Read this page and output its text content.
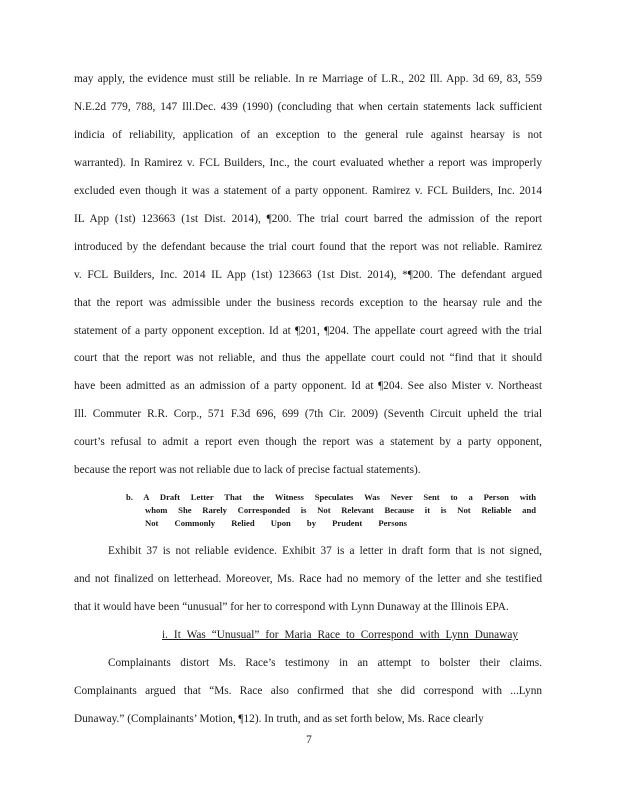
may apply, the evidence must still be reliable. In re Marriage of L.R., 202 Ill. App. 3d 69, 83, 559
N.E.2d 779, 788, 147 Ill.Dec. 439 (1990) (concluding that when certain statements lack sufficient
indicia of reliability, application of an exception to the general rule against hearsay is not
warranted). In Ramirez v. FCL Builders, Inc., the court evaluated whether a report was improperly
excluded even though it was a statement of a party opponent. Ramirez v. FCL Builders, Inc. 2014
IL App (1st) 123663 (1st Dist. 2014), ¶200. The trial court barred the admission of the report
introduced by the defendant because the trial court found that the report was not reliable. Ramirez
v. FCL Builders, Inc. 2014 IL App (1st) 123663 (1st Dist. 2014), *¶200. The defendant argued
that the report was admissible under the business records exception to the hearsay rule and the
statement of a party opponent exception. Id at ¶201, ¶204. The appellate court agreed with the trial
court that the report was not reliable, and thus the appellate court could not “find that it should
have been admitted as an admission of a party opponent. Id at ¶204. See also Mister v. Northeast
Ill. Commuter R.R. Corp., 571 F.3d 696, 699 (7th Cir. 2009) (Seventh Circuit upheld the trial
court’s refusal to admit a report even though the report was a statement by a party opponent,
because the report was not reliable due to lack of precise factual statements).
b. A Draft Letter That the Witness Speculates Was Never Sent to a Person with
whom She Rarely Corresponded is Not Relevant Because it is Not Reliable and
Not Commonly Relied Upon by Prudent Persons
Exhibit 37 is not reliable evidence. Exhibit 37 is a letter in draft form that is not signed,
and not finalized on letterhead. Moreover, Ms. Race had no memory of the letter and she testified
that it would have been “unusual” for her to correspond with Lynn Dunaway at the Illinois EPA.
i. It Was “Unusual” for Maria Race to Correspond with Lynn Dunaway
Complainants distort Ms. Race’s testimony in an attempt to bolster their claims.
Complainants argued that “Ms. Race also confirmed that she did correspond with ...Lynn
Dunaway.” (Complainants’ Motion, ¶12). In truth, and as set forth below, Ms. Race clearly
7
